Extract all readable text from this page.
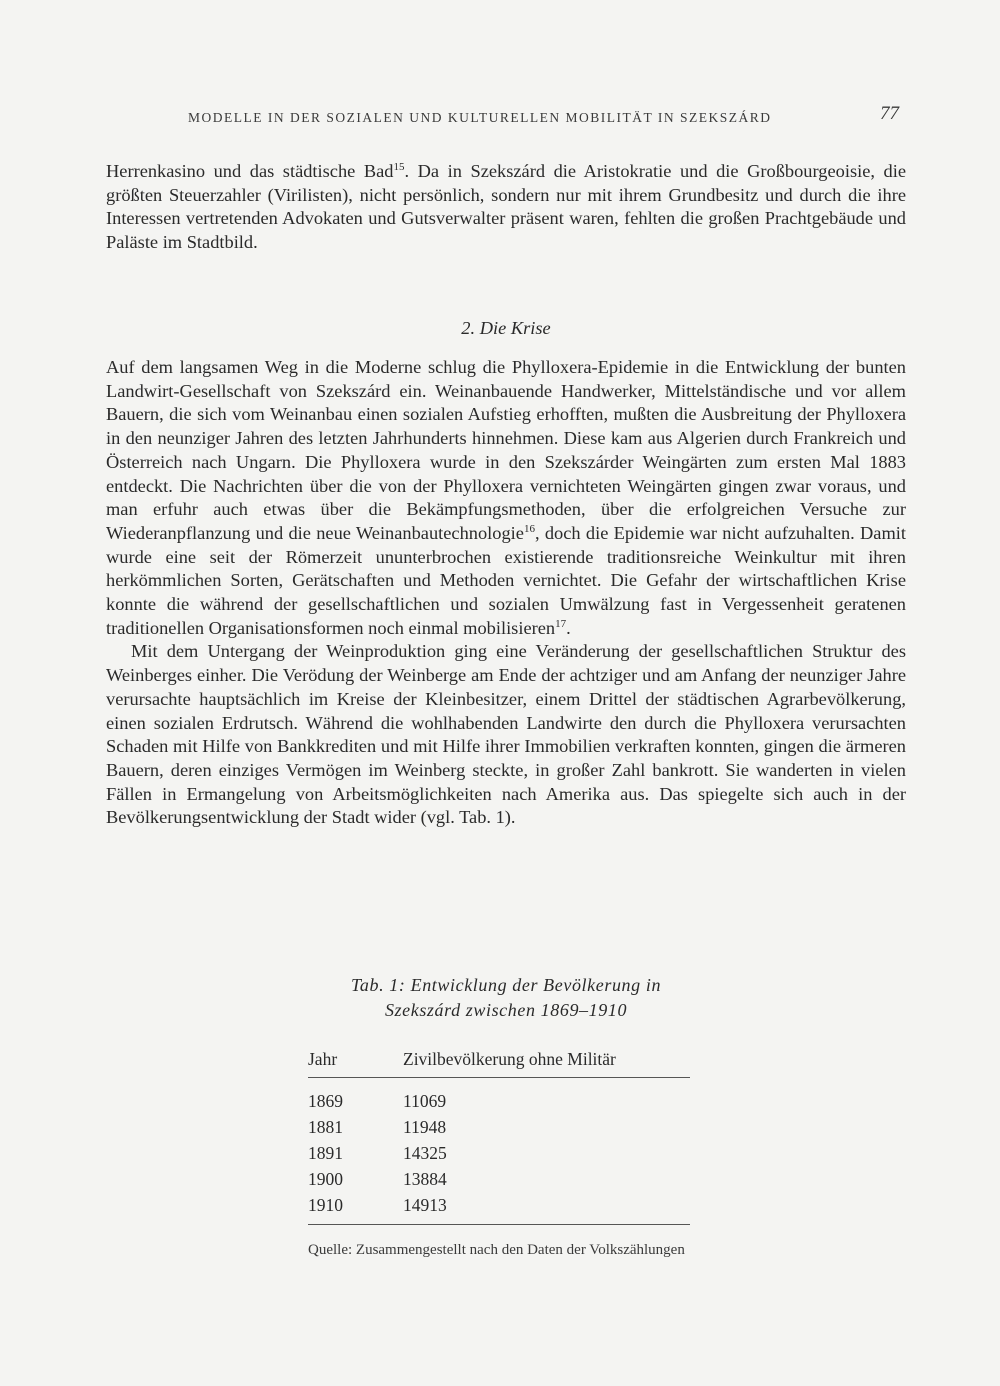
MODELLE IN DER SOZIALEN UND KULTURELLEN MOBILITÄT IN SZEKSZÁRD	77

Herrenkasino und das städtische Bad$^{15}$. Da in Szekszárd die Aristokratie und die Großbourgeoisie, die größten Steuerzahler (Virilisten), nicht persönlich, sondern nur mit ihrem Grundbesitz und durch die ihre Interessen vertretenden Advokaten und Gutsverwalter präsent waren, fehlten die großen Prachtgebäude und Paläste im Stadtbild.

2. Die Krise

Auf dem langsamen Weg in die Moderne schlug die Phylloxera-Epidemie in die Entwicklung der bunten Landwirt-Gesellschaft von Szekszárd ein. Weinanbauende Handwerker, Mittelständische und vor allem Bauern, die sich vom Weinanbau einen sozialen Aufstieg erhofften, mußten die Ausbreitung der Phylloxera in den neunziger Jahren des letzten Jahrhunderts hinnehmen. Diese kam aus Algerien durch Frankreich und Österreich nach Ungarn. Die Phylloxera wurde in den Szekszárder Weingärten zum ersten Mal 1883 entdeckt. Die Nachrichten über die von der Phylloxera vernichteten Weingärten gingen zwar voraus, und man erfuhr auch etwas über die Bekämpfungsmethoden, über die erfolgreichen Versuche zur Wiederanpflanzung und die neue Weinanbautechnologie$^{16}$, doch die Epidemie war nicht aufzuhalten. Damit wurde eine seit der Römerzeit ununterbrochen existierende traditionsreiche Weinkultur mit ihren herkömmlichen Sorten, Gerätschaften und Methoden vernichtet. Die Gefahr der wirtschaftlichen Krise konnte die während der gesellschaftlichen und sozialen Umwälzung fast in Vergessenheit geratenen traditionellen Organisationsformen noch einmal mobilisieren$^{17}$.

Mit dem Untergang der Weinproduktion ging eine Veränderung der gesellschaftlichen Struktur des Weinberges einher. Die Verödung der Weinberge am Ende der achtziger und am Anfang der neunziger Jahre verursachte hauptsächlich im Kreise der Kleinbesitzer, einem Drittel der städtischen Agrarbevölkerung, einen sozialen Erdrutsch. Während die wohlhabenden Landwirte den durch die Phylloxera verursachten Schaden mit Hilfe von Bankkrediten und mit Hilfe ihrer Immobilien verkraften konnten, gingen die ärmeren Bauern, deren einziges Vermögen im Weinberg steckte, in großer Zahl bankrott. Sie wanderten in vielen Fällen in Ermangelung von Arbeitsmöglichkeiten nach Amerika aus. Das spiegelte sich auch in der Bevölkerungsentwicklung der Stadt wider (vgl. Tab. 1).

Tab. 1: Entwicklung der Bevölkerung in
Szekszárd zwischen 1869–1910
Jahr	Zivilbevölkerung ohne Militär
1869	11069
1881	11948
1891	14325
1900	13884
1910	14913
Quelle: Zusammengestellt nach den Daten der Volkszählungen
